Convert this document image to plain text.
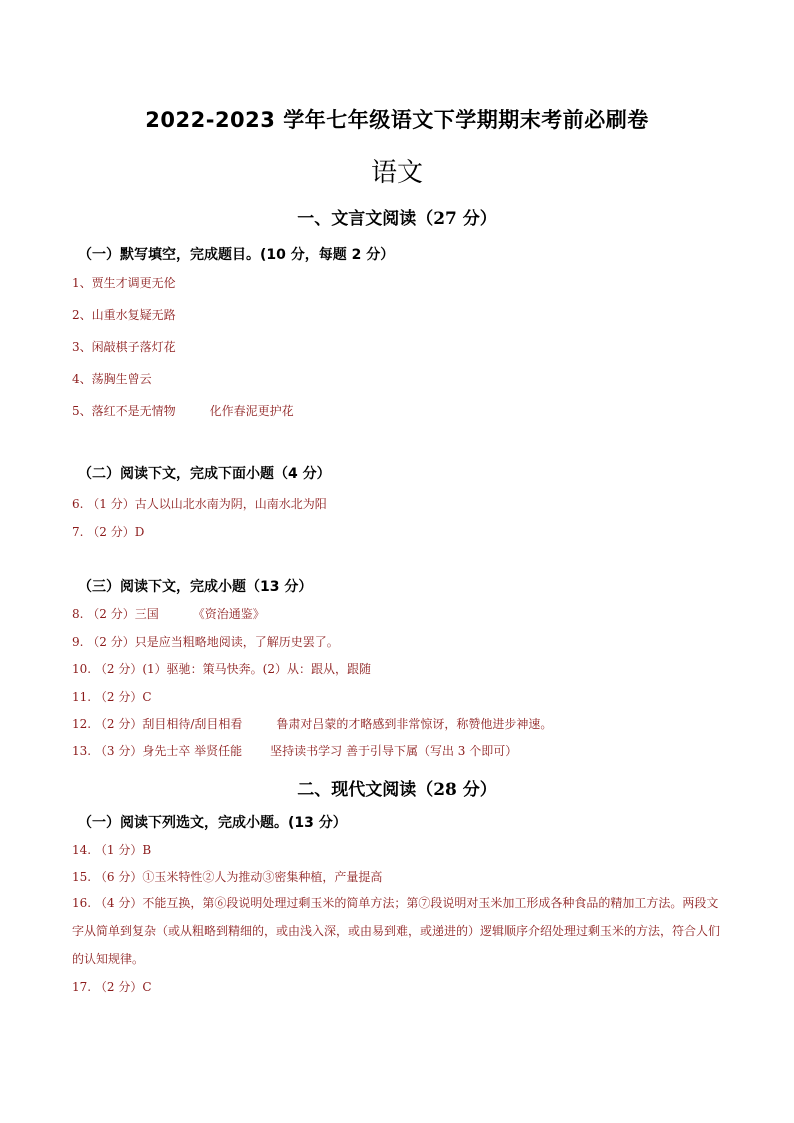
2022-2023 学年七年级语文下学期期末考前必刷卷
语文
一、文言文阅读（27 分）
（一）默写填空，完成题目。(10 分，每题 2 分）
1、贾生才调更无伦
2、山重水复疑无路
3、闲敲棋子落灯花
4、荡胸生曾云
5、落红不是无情物	化作春泥更护花
（二）阅读下文，完成下面小题（4 分）
6. （1 分）古人以山北水南为阴，山南水北为阳
7. （2 分）D
（三）阅读下文，完成小题（13 分）
8. （2 分）三国	《资治通鉴》
9. （2 分）只是应当粗略地阅读，了解历史罢了。
10. （2 分）(1）驱驰：策马快奔。(2）从：跟从，跟随
11. （2 分）C
12. （2 分）刮目相待/刮目相看	鲁肃对吕蒙的才略感到非常惊讶，称赞他进步神速。
13. （3 分）身先士卒 举贤任能 坚持读书学习 善于引导下属（写出 3 个即可）
二、现代文阅读（28 分）
（一）阅读下列选文，完成小题。(13 分）
14. （1 分）B
15. （6 分）①玉米特性②人为推动③密集种植，产量提高
16. （4 分）不能互换，第⑥段说明处理过剩玉米的简单方法；第⑦段说明对玉米加工形成各种食品的精加工方法。两段文字从简单到复杂（或从粗略到精细的，或由浅入深，或由易到难，或递进的）逻辑顺序介绍处理过剩玉米的方法，符合人们的认知规律。
17. （2 分）C
